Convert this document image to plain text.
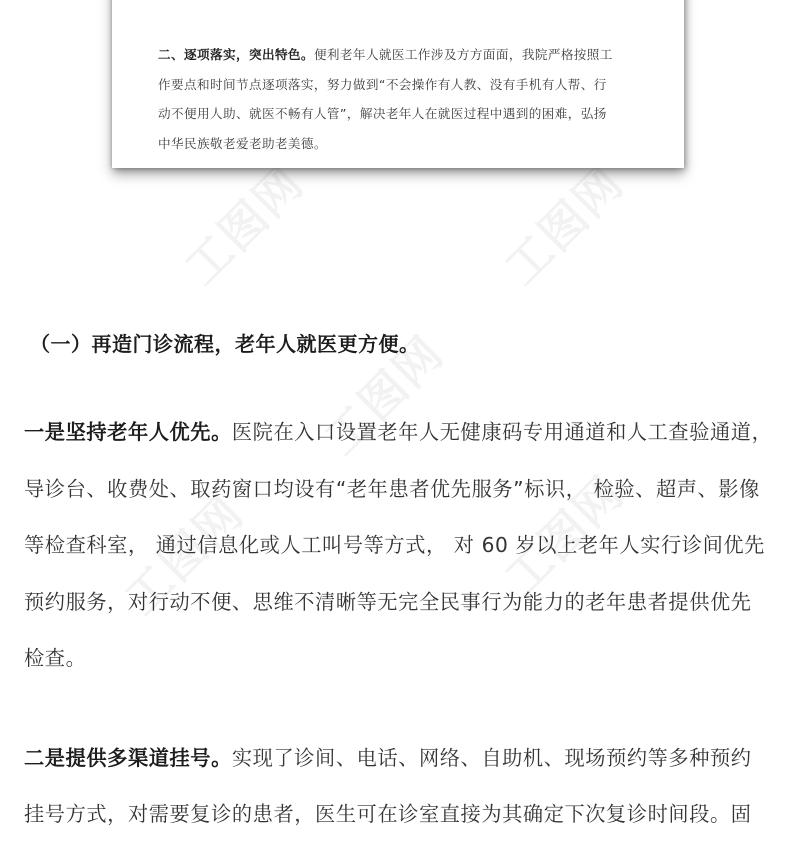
工图网	工图网
工图网
工图网	工图网
二、逐项落实，突出特色。便利老年人就医工作涉及方方面面，我院严格按照工
作要点和时间节点逐项落实，努力做到“不会操作有人教、没有手机有人帮、行
动不便用人助、就医不畅有人管”，解决老年人在就医过程中遇到的困难，弘扬
中华民族敬老爱老助老美德。
（一）再造门诊流程，老年人就医更方便。

一是坚持老年人优先。医院在入口设置老年人无健康码专用通道和人工查验通道，

导诊台、收费处、取药窗口均设有“老年患者优先服务”标识， 检验、超声、影像

等检查科室， 通过信息化或人工叫号等方式， 对 60 岁以上老年人实行诊间优先

预约服务，对行动不便、思维不清晰等无完全民事行为能力的老年患者提供优先

检查。

二是提供多渠道挂号。实现了诊间、电话、网络、自助机、现场预约等多种预约

挂号方式，对需要复诊的患者，医生可在诊室直接为其确定下次复诊时间段。固
